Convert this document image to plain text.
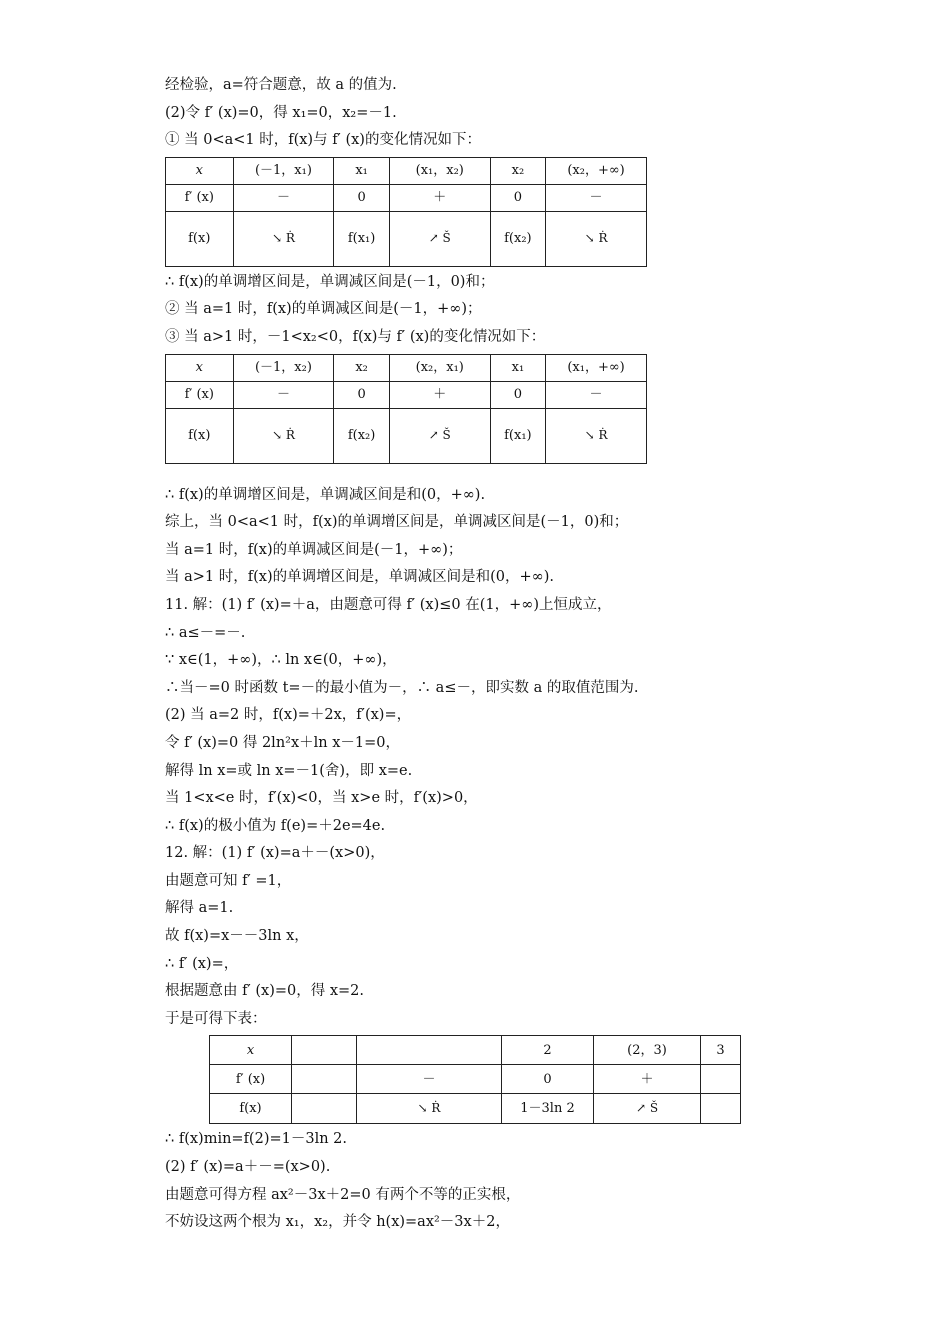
经检验，a=符合题意，故 a 的值为.
(2)令 f′ (x)=0，得 x₁=0，x₂=－1.
① 当 0<a<1 时，f(x)与 f′ (x)的变化情况如下：
x	(－1，x₁)	x₁	(x₁，x₂)	x₂	(x₂，+∞)
f′ (x)	－	0	＋	0	－
f(x)	↘ Ṙ	f(x₁)	↗ Š	f(x₂)	↘ Ṙ
∴ f(x)的单调增区间是，单调减区间是(－1，0)和；
② 当 a=1 时，f(x)的单调减区间是(－1，+∞)；
③ 当 a>1 时，－1<x₂<0，f(x)与 f′ (x)的变化情况如下：
x	(－1，x₂)	x₂	(x₂，x₁)	x₁	(x₁，+∞)
f′ (x)	－	0	＋	0	－
f(x)	↘ Ṙ	f(x₂)	↗ Š	f(x₁)	↘ Ṙ
∴ f(x)的单调增区间是，单调减区间是和(0，+∞).
综上，当 0<a<1 时，f(x)的单调增区间是，单调减区间是(－1，0)和；
当 a=1 时，f(x)的单调减区间是(－1，+∞)；
当 a>1 时，f(x)的单调增区间是，单调减区间是和(0，+∞).
11. 解：(1) f′ (x)=＋a，由题意可得 f′ (x)≤0 在(1，+∞)上恒成立，
∴ a≤－=－.
∵ x∈(1，+∞)，∴ ln x∈(0，+∞)，
∴当－=0 时函数 t=－的最小值为－，∴ a≤－，即实数 a 的取值范围为.
(2) 当 a=2 时，f(x)=＋2x，f′(x)=，
令 f′ (x)=0 得 2ln²x＋ln x－1=0，
解得 ln x=或 ln x=－1(舍)，即 x=e.
当 1<x<e 时，f′(x)<0，当 x>e 时，f′(x)>0，
∴ f(x)的极小值为 f(e)=＋2e=4e.
12. 解：(1) f′ (x)=a＋－(x>0)，
由题意可知 f′ =1，
解得 a=1.
故 f(x)=x－－3ln x，
∴ f′ (x)=，
根据题意由 f′ (x)=0，得 x=2.
于是可得下表：
x			2	(2，3)	3
f′ (x)		－	0	＋	
f(x)		↘ Ṙ	1－3ln 2	↗ Š	
∴ f(x)min=f(2)=1－3ln 2.
(2) f′ (x)=a＋－=(x>0).
由题意可得方程 ax²－3x＋2=0 有两个不等的正实根，
不妨设这两个根为 x₁，x₂，并令 h(x)=ax²－3x＋2，
